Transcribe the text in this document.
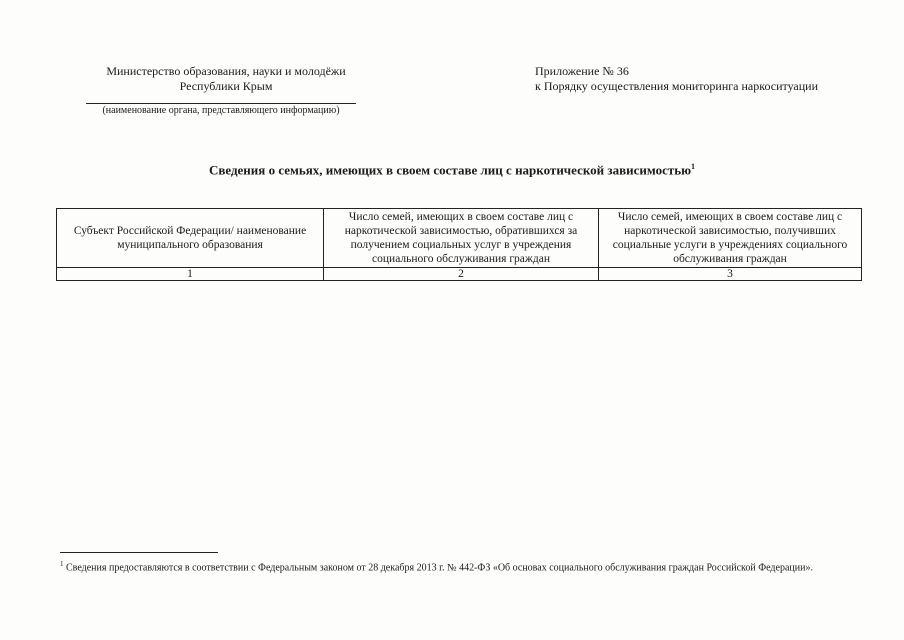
Министерство образования, науки и молодёжи
Республики Крым
(наименование органа, представляющего информацию)
Приложение № 36
к Порядку осуществления мониторинга наркоситуации
Сведения о семьях, имеющих в своем составе лиц с наркотической зависимостью$^1$
Субъект Российской Федерации/ наименование муниципального образования	Число семей, имеющих в своем составе лиц с наркотической зависимостью, обратившихся за получением социальных услуг в учреждения социального обслуживания граждан	Число семей, имеющих в своем составе лиц с наркотической зависимостью, получивших социальные услуги в учреждениях социального обслуживания граждан
1	2	3
$^1$ Сведения предоставляются в соответствии с Федеральным законом от 28 декабря 2013 г. № 442-ФЗ «Об основах социального обслуживания граждан Российской Федерации».
